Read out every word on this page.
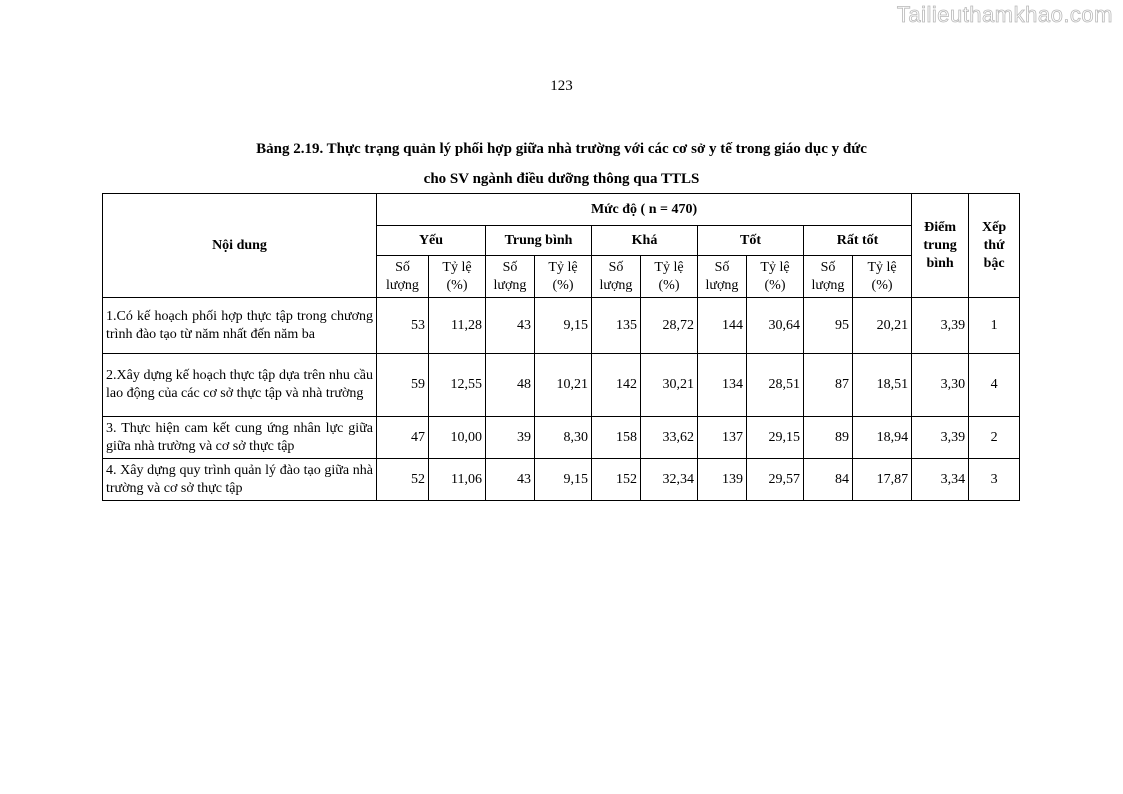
Tailieuthamkhao.com
123
Bảng 2.19. Thực trạng quản lý phối hợp giữa nhà trường với các cơ sở y tế trong giáo dục y đức
cho SV ngành điều dưỡng thông qua TTLS
Nội dung	Mức độ ( n = 470)										Điểm trung bình	Xếp thứ bậc
	Yếu		Trung bình		Khá		Tốt		Rất tốt			
	Số lượng	Tỷ lệ (%)	Số lượng	Tỷ lệ (%)	Số lượng	Tỷ lệ (%)	Số lượng	Tỷ lệ (%)	Số lượng	Tỷ lệ (%)		
1.Có kế hoạch phối hợp thực tập trong chương trình đào tạo từ năm nhất đến năm ba	53	11,28	43	9,15	135	28,72	144	30,64	95	20,21	3,39	1
2.Xây dựng kế hoạch thực tập dựa trên nhu cầu lao động của các cơ sở thực tập và nhà trường	59	12,55	48	10,21	142	30,21	134	28,51	87	18,51	3,30	4
3. Thực hiện cam kết cung ứng nhân lực giữa giữa nhà trường và cơ sở thực tập	47	10,00	39	8,30	158	33,62	137	29,15	89	18,94	3,39	2
4. Xây dựng quy trình quản lý đào tạo giữa nhà trường và cơ sở thực tập	52	11,06	43	9,15	152	32,34	139	29,57	84	17,87	3,34	3
